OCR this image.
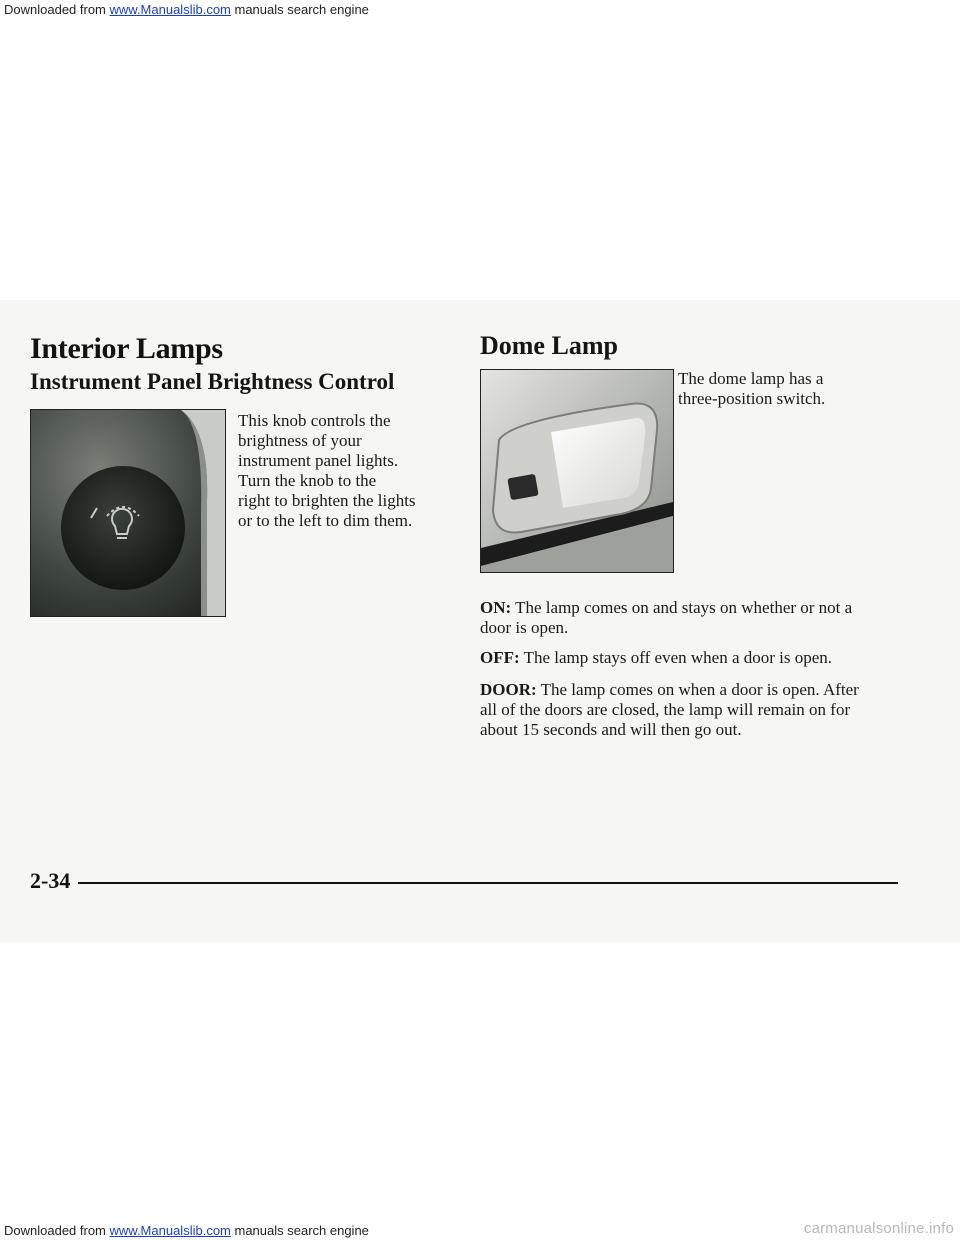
Downloaded from www.Manualslib.com manuals search engine
Interior Lamps
Instrument Panel Brightness Control
This knob controls the
brightness of your
instrument panel lights.
Turn the knob to the
right to brighten the lights
or to the left to dim them.
Dome Lamp
The dome lamp has a
three-position switch.

ON: The lamp comes on and stays on whether or not a
door is open.

OFF: The lamp stays off even when a door is open.

DOOR: The lamp comes on when a door is open. After
all of the doors are closed, the lamp will remain on for
about 15 seconds and will then go out.

2-34
Downloaded from www.Manualslib.com manuals search engine	carmanualsonline.info
